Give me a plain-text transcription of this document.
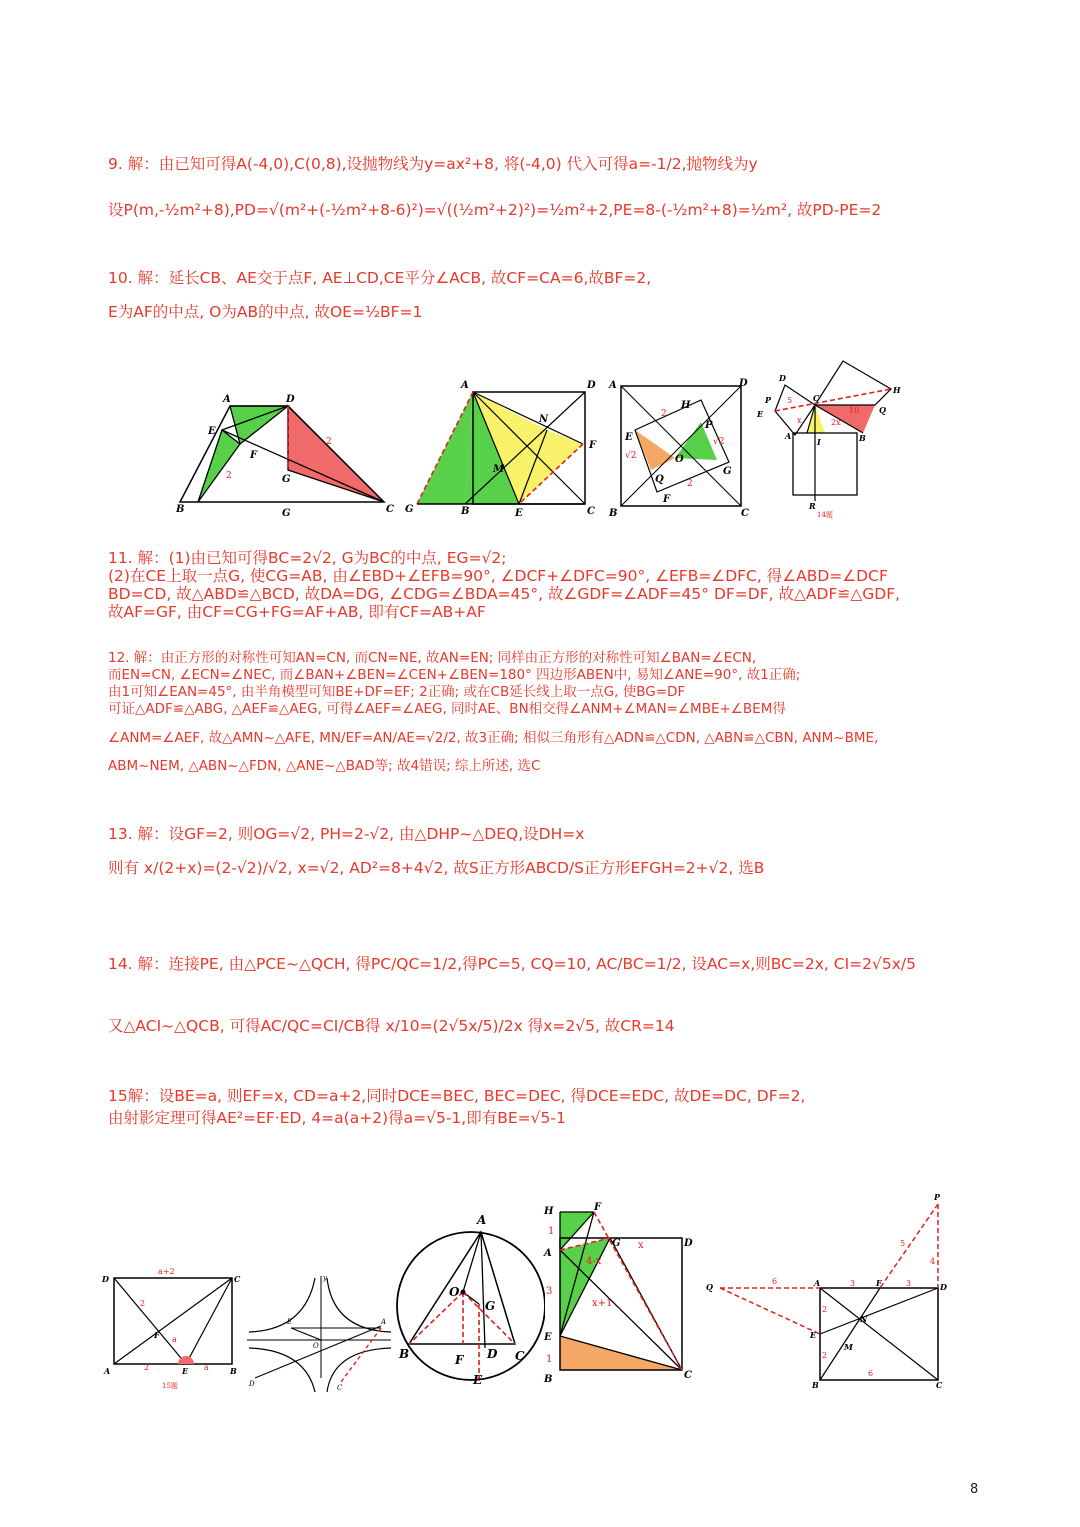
9. 解：由已知可得A(-4,0),C(0,8),设抛物线为y=ax²+8, 将(-4,0) 代入可得a=-1/2,抛物线为y
设P(m,-½m²+8),PD=√(m²+(-½m²+8-6)²)=√((½m²+2)²)=½m²+2,PE=8-(-½m²+8)=½m², 故PD-PE=2
10. 解：延长CB、AE交于点F, AE⊥CD,CE平分∠ACB, 故CF=CA=6,故BF=2,
E为AF的中点, O为AB的中点, 故OE=½BF=1
A	D
E
F
G
B	G	C
2
2
A	D
N
F
M
G	B	E	C
A	D
H
P
E
O
Q
G
F
B	C
2
√2
√2
2
D
H
P	C
Q
E
A
I	B
R
5
10
2x
x
14题
11. 解：(1)由已知可得BC=2√2, G为BC的中点, EG=√2;
(2)在CE上取一点G, 使CG=AB, 由∠EBD+∠EFB=90°, ∠DCF+∠DFC=90°, ∠EFB=∠DFC, 得∠ABD=∠DCF
BD=CD, 故△ABD≌△BCD, 故DA=DG, ∠CDG=∠BDA=45°, 故∠GDF=∠ADF=45° DF=DF, 故△ADF≌△GDF,
故AF=GF, 由CF=CG+FG=AF+AB, 即有CF=AB+AF
12. 解：由正方形的对称性可知AN=CN, 而CN=NE, 故AN=EN; 同样由正方形的对称性可知∠BAN=∠ECN,
而EN=CN, ∠ECN=∠NEC, 而∠BAN+∠BEN=∠CEN+∠BEN=180° 四边形ABEN中, 易知∠ANE=90°, 故1正确;
由1可知∠EAN=45°, 由半角模型可知BE+DF=EF; 2正确; 或在CB延长线上取一点G, 使BG=DF
可证△ADF≌△ABG, △AEF≌△AEG, 可得∠AEF=∠AEG, 同时AE、BN相交得∠ANM+∠MAN=∠MBE+∠BEM得
∠ANM=∠AEF, 故△AMN~△AFE, MN/EF=AN/AE=√2/2, 故3正确; 相似三角形有△ADN≌△CDN, △ABN≌△CBN, ANM~BME,
ABM~NEM, △ABN~△FDN, △ANE~△BAD等; 故4错误; 综上所述, 选C
13. 解：设GF=2, 则OG=√2, PH=2-√2, 由△DHP~△DEQ,设DH=x
则有 x/(2+x)=(2-√2)/√2, x=√2, AD²=8+4√2, 故S正方形ABCD/S正方形EFGH=2+√2, 选B
14. 解：连接PE, 由△PCE~△QCH, 得PC/QC=1/2,得PC=5, CQ=10, AC/BC=1/2, 设AC=x,则BC=2x, CI=2√5x/5
又△ACI~△QCB, 可得AC/QC=CI/CB得 x/10=(2√5x/5)/2x 得x=2√5, 故CR=14
15解：设BE=a, 则EF=x, CD=a+2,同时DCE=BEC, BEC=DEC, 得DCE=EDC, 故DE=DC, DF=2,
由射影定理可得AE²=EF·ED, 4=a(a+2)得a=√5-1,即有BE=√5-1
D	C
F
A	E	B
a+2
2
a
2	a
15题
y
E	A
O
D	C
A
O
G
B	F D C
E
H	F
A
G	D
E
B	C
1
x
4-x
3
x+1
1
P
Q	A	F	D
N
E
M
B	C
5
4
6	3	3
2
2
6
8
